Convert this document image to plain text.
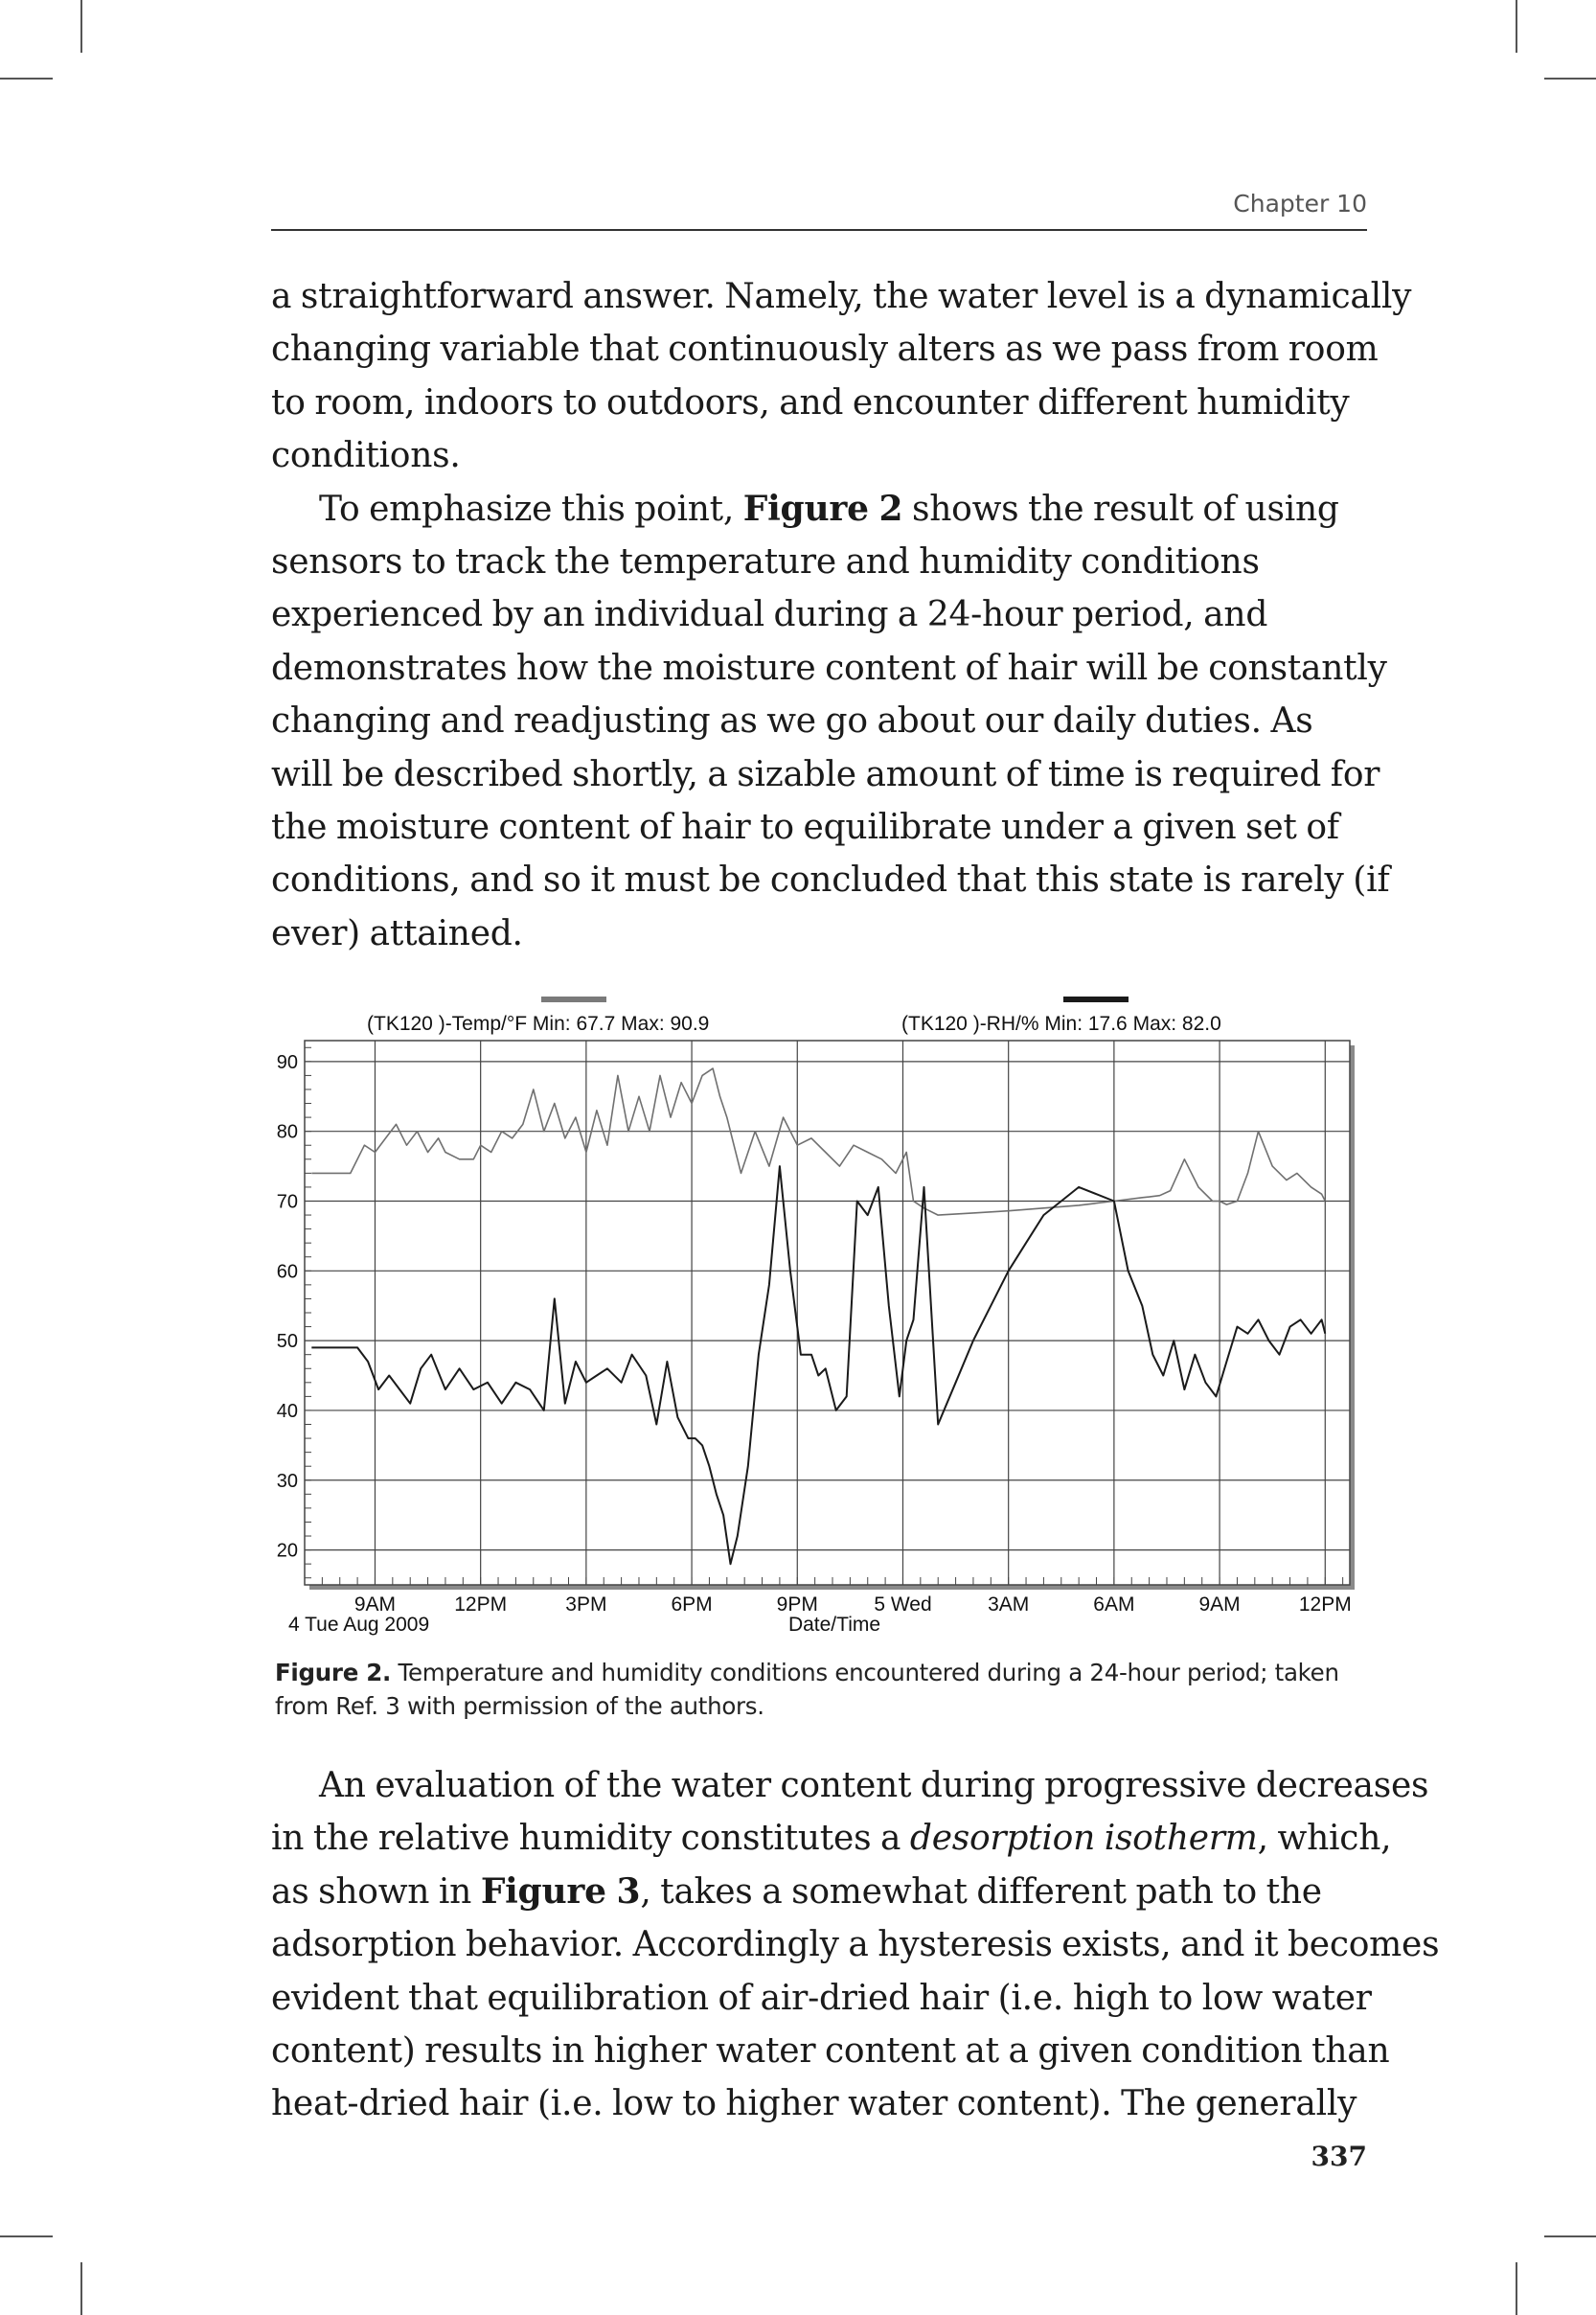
Chapter 10
a straightforward answer. Namely, the water level is a dynamically
changing variable that continuously alters as we pass from room
to room, indoors to outdoors, and encounter different humidity
conditions.
To emphasize this point, Figure 2 shows the result of using
sensors to track the temperature and humidity conditions
experienced by an individual during a 24-hour period, and
demonstrates how the moisture content of hair will be constantly
changing and readjusting as we go about our daily duties. As
will be described shortly, a sizable amount of time is required for
the moisture content of hair to equilibrate under a given set of
conditions, and so it must be concluded that this state is rarely (if
ever) attained.
(TK120 )-Temp/°F Min: 67.7 Max: 90.9	(TK120 )-RH/% Min: 17.6 Max: 82.0
90
80
70
60
50
40
30
20
9AM	12PM	3PM	6PM	9PM	5 Wed	3AM	6AM	9AM	12PM
4 Tue Aug 2009	Date/Time

Figure 2. Temperature and humidity conditions encountered during a 24-hour period; taken
from Ref. 3 with permission of the authors.

An evaluation of the water content during progressive decreases
in the relative humidity constitutes a desorption isotherm, which,
as shown in Figure 3, takes a somewhat different path to the
adsorption behavior. Accordingly a hysteresis exists, and it becomes
evident that equilibration of air-dried hair (i.e. high to low water
content) results in higher water content at a given condition than
heat-dried hair (i.e. low to higher water content). The generally
337
